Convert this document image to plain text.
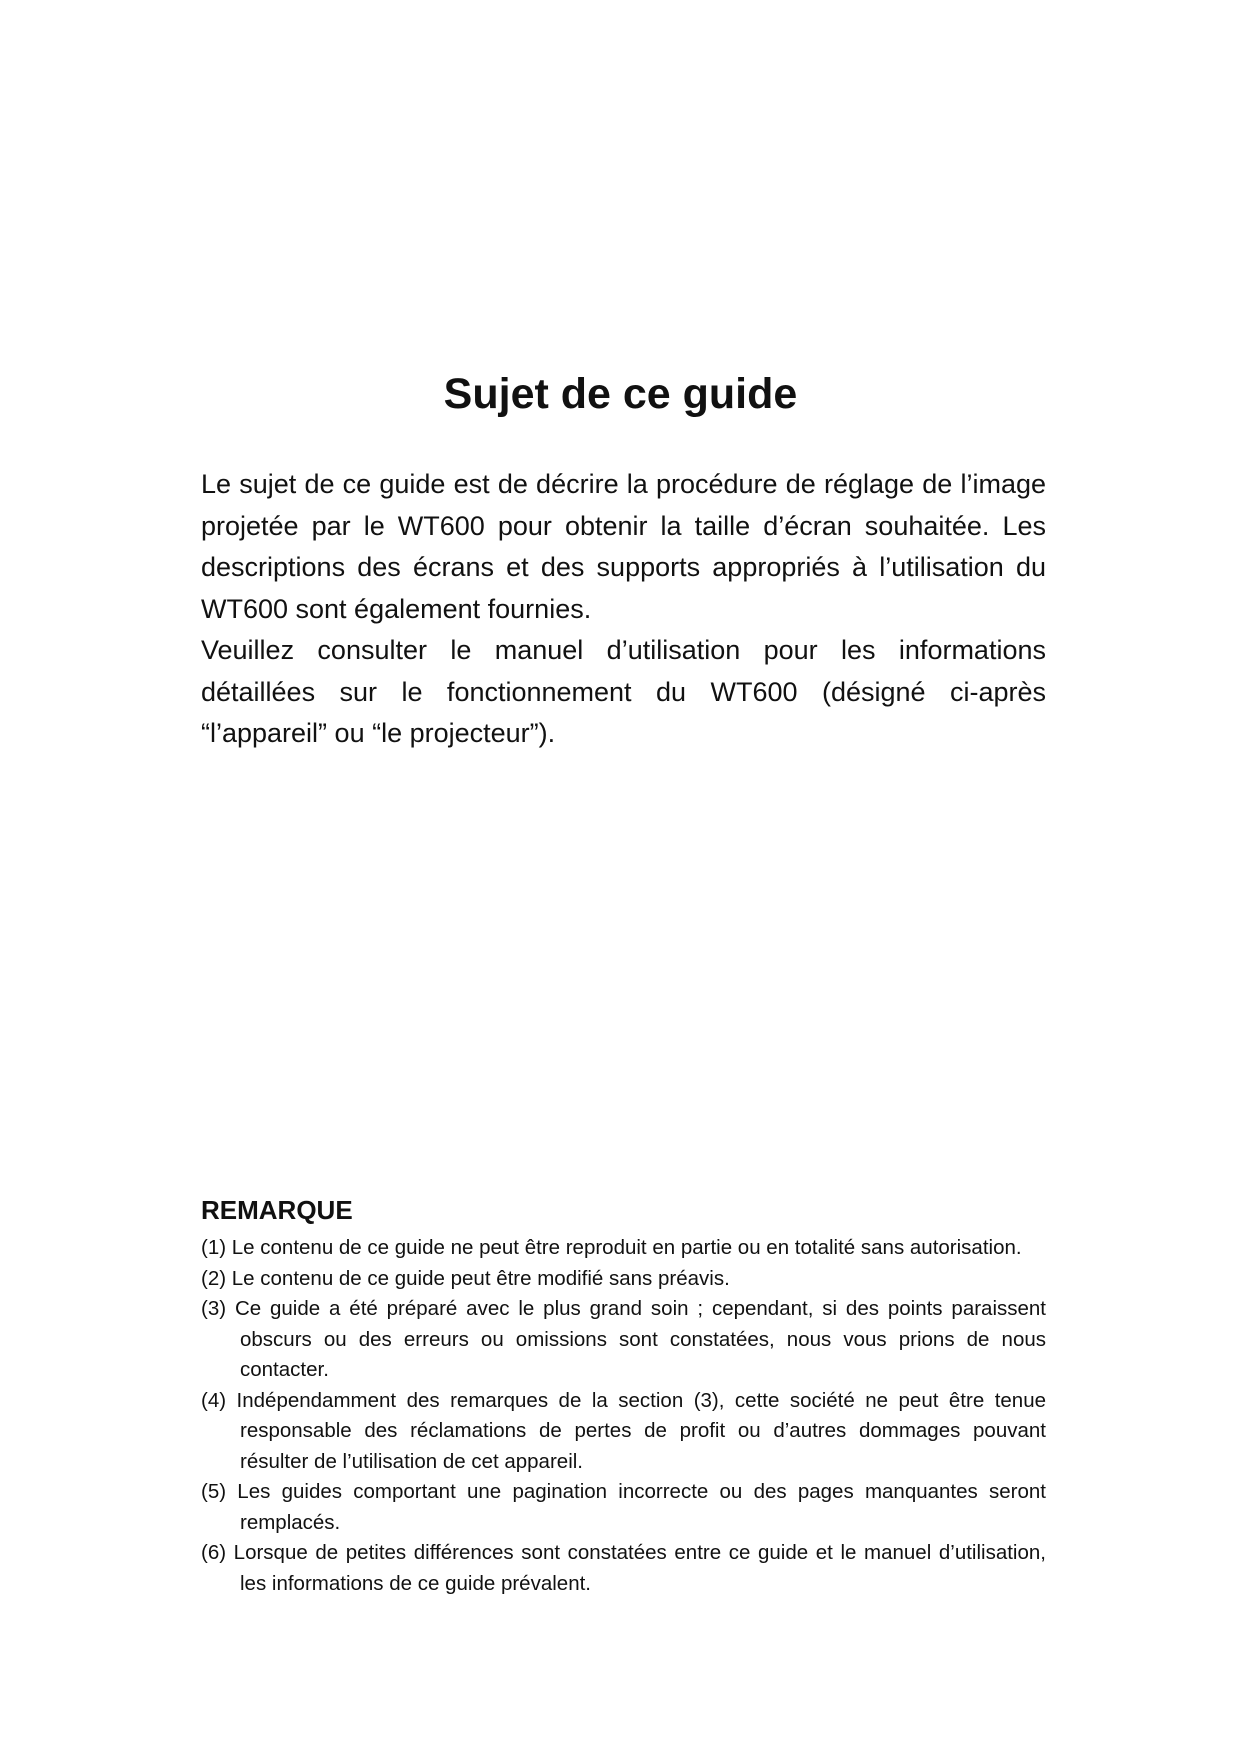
Sujet de ce guide

Le sujet de ce guide est de décrire la procédure de réglage de l’image projetée par le WT600 pour obtenir la taille d’écran souhaitée. Les descriptions des écrans et des supports appropriés à l’utilisation du WT600 sont également fournies.

Veuillez consulter le manuel d’utilisation pour les informations détaillées sur le fonctionnement du WT600 (désigné ci-après “l’appareil” ou “le projecteur”).

REMARQUE
(1) Le contenu de ce guide ne peut être reproduit en partie ou en totalité sans autorisation.
(2) Le contenu de ce guide peut être modifié sans préavis.
(3) Ce guide a été préparé avec le plus grand soin ; cependant, si des points paraissent obscurs ou des erreurs ou omissions sont constatées, nous vous prions de nous contacter.
(4) Indépendamment des remarques de la section (3), cette société ne peut être tenue responsable des réclamations de pertes de profit ou d’autres dommages pouvant résulter de l’utilisation de cet appareil.
(5) Les guides comportant une pagination incorrecte ou des pages manquantes seront remplacés.
(6) Lorsque de petites différences sont constatées entre ce guide et le manuel d’utilisation, les informations de ce guide prévalent.
